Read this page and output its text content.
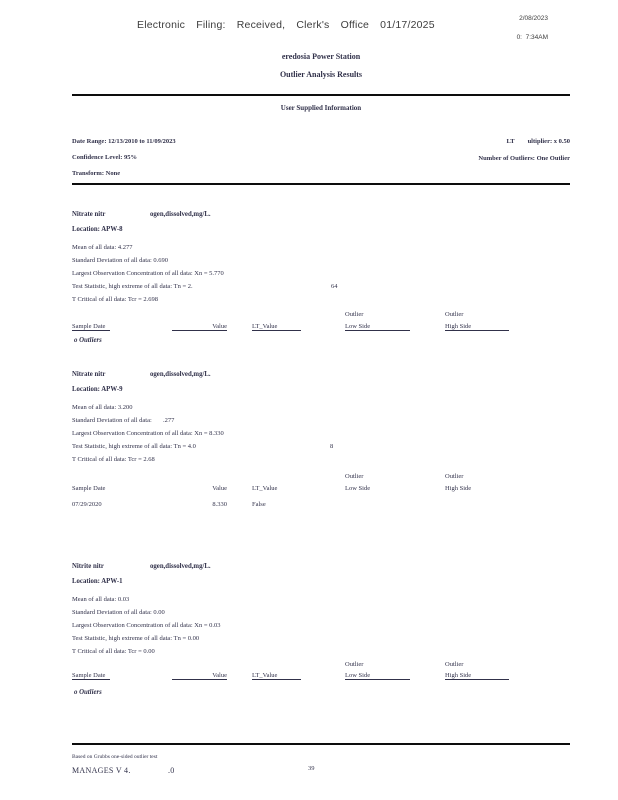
Electronic Filing: Received, Clerk's Office 01/17/2025
2/08/2023
0:  7:34AM
eredosia Power Station
Outlier Analysis Results
User Supplied Information
Date Range: 12/13/2010 to 11/09/2023
Confidence Level: 95%
Transform: None
LT ultiplier: x 0.50
Number of Outliers: One Outlier
Nitrate nitr	ogen,dissolved,mg/L.
Location: APW-8
Mean of all data: 4.277
Standard Deviation of all data: 0.690
Largest Observation Concentration of all data: Xn = 5.770
Test Statistic, high extreme of all data: Tn = 2.	64
T Critical of all data: Tcr = 2.698
Outlier	Outlier
Sample Date	Value	LT_Value	Low Side	High Side
o Outliers
Nitrate nitr	ogen,dissolved,mg/L.
Location: APW-9
Mean of all data: 3.200
Standard Deviation of all data: .277
Largest Observation Concentration of all data: Xn = 8.330
Test Statistic, high extreme of all data: Tn = 4.0	8
T Critical of all data: Tcr = 2.68
Outlier	Outlier
Sample Date	Value	LT_Value	Low Side	High Side
07/29/2020	8.330	False
Nitrite nitr	ogen,dissolved,mg/L.
Location: APW-1
Mean of all data: 0.03
Standard Deviation of all data: 0.00
Largest Observation Concentration of all data: Xn = 0.03
Test Statistic, high extreme of all data: Tn = 0.00
T Critical of all data: Tcr = 0.00
Outlier	Outlier
Sample Date	Value	LT_Value	Low Side	High Side
o Outliers
Based on Grubbs one-sided outlier test
MANAGES V 4.	.0	39
